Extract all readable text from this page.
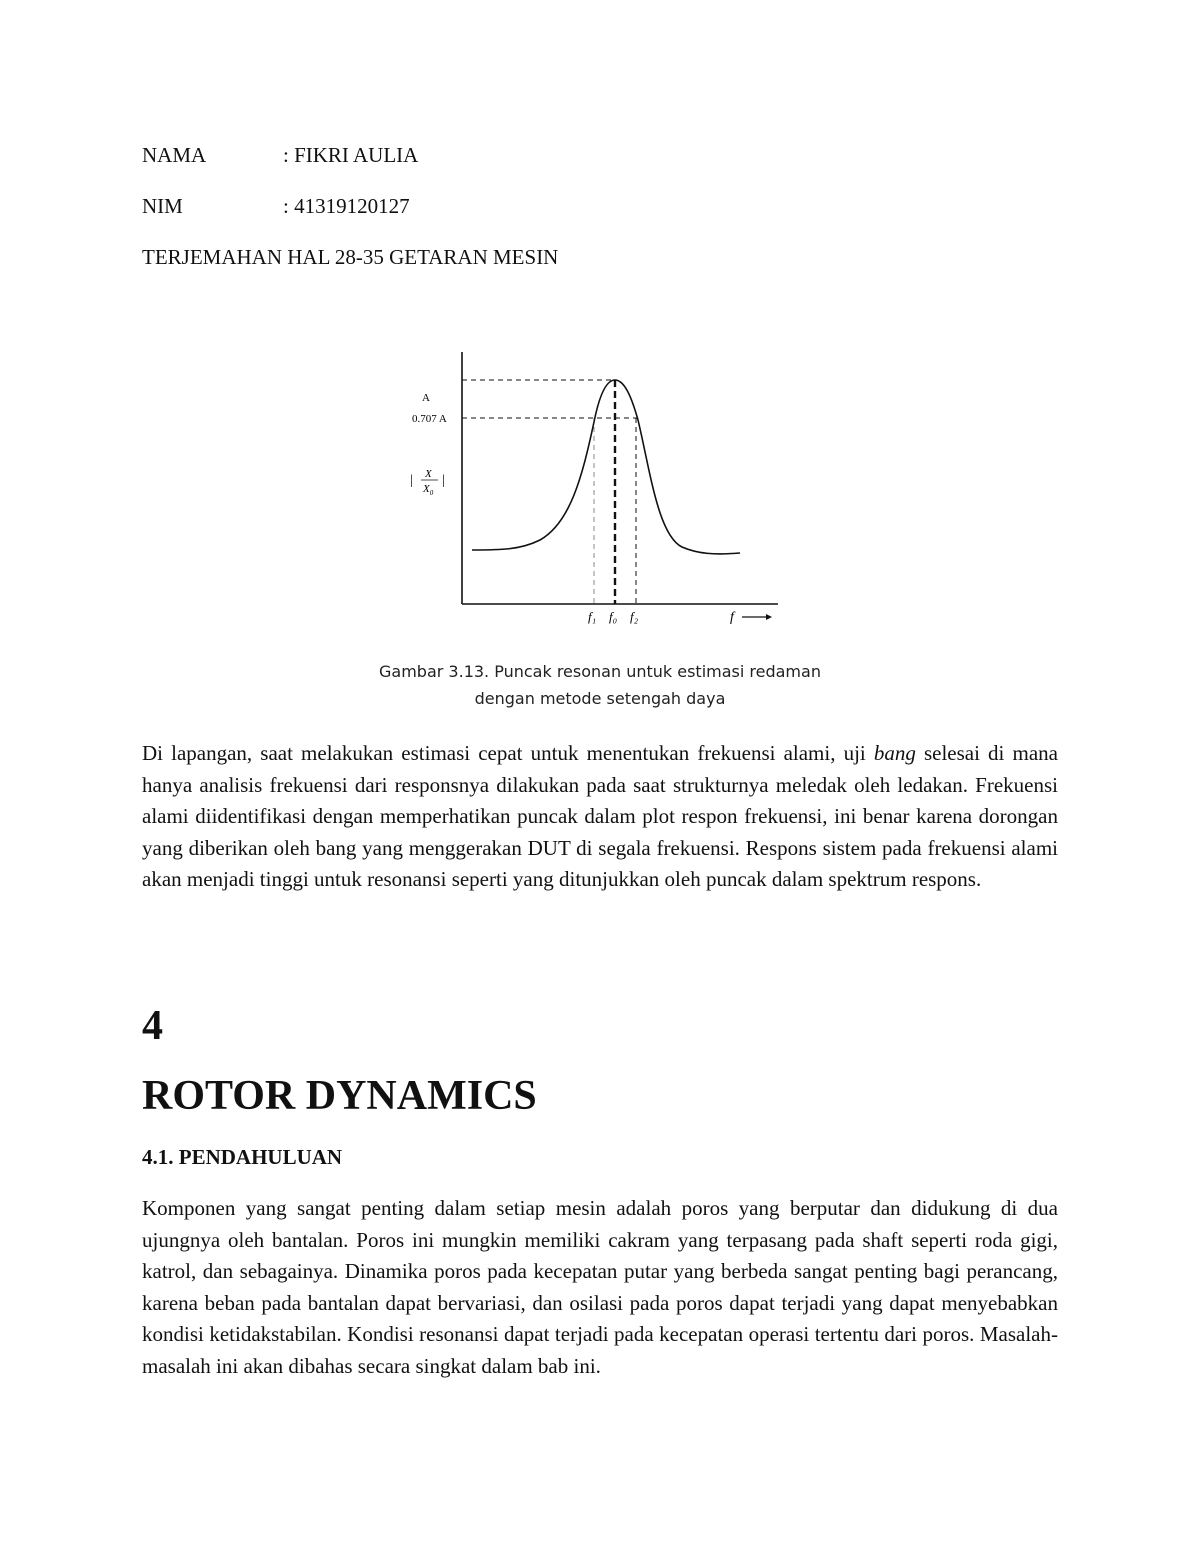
NAMA	: FIKRI AULIA
NIM	: 41319120127
TERJEMAHAN HAL 28-35 GETARAN MESIN
A
0.707 A
| |
X
$X_0$
f₁ f₀ f₂	f
Gambar 3.13. Puncak resonan untuk estimasi redaman
dengan metode setengah daya
Di lapangan, saat melakukan estimasi cepat untuk menentukan frekuensi alami, uji bang selesai di mana hanya analisis frekuensi dari responsnya dilakukan pada saat strukturnya meledak oleh ledakan. Frekuensi alami diidentifikasi dengan memperhatikan puncak dalam plot respon frekuensi, ini benar karena dorongan yang diberikan oleh bang yang menggerakan DUT di segala frekuensi. Respons sistem pada frekuensi alami akan menjadi tinggi untuk resonansi seperti yang ditunjukkan oleh puncak dalam spektrum respons.
4
ROTOR DYNAMICS
4.1. PENDAHULUAN
Komponen yang sangat penting dalam setiap mesin adalah poros yang berputar dan didukung di dua ujungnya oleh bantalan. Poros ini mungkin memiliki cakram yang terpasang pada shaft seperti roda gigi, katrol, dan sebagainya. Dinamika poros pada kecepatan putar yang berbeda sangat penting bagi perancang, karena beban pada bantalan dapat bervariasi, dan osilasi pada poros dapat terjadi yang dapat menyebabkan kondisi ketidakstabilan. Kondisi resonansi dapat terjadi pada kecepatan operasi tertentu dari poros. Masalah-masalah ini akan dibahas secara singkat dalam bab ini.
